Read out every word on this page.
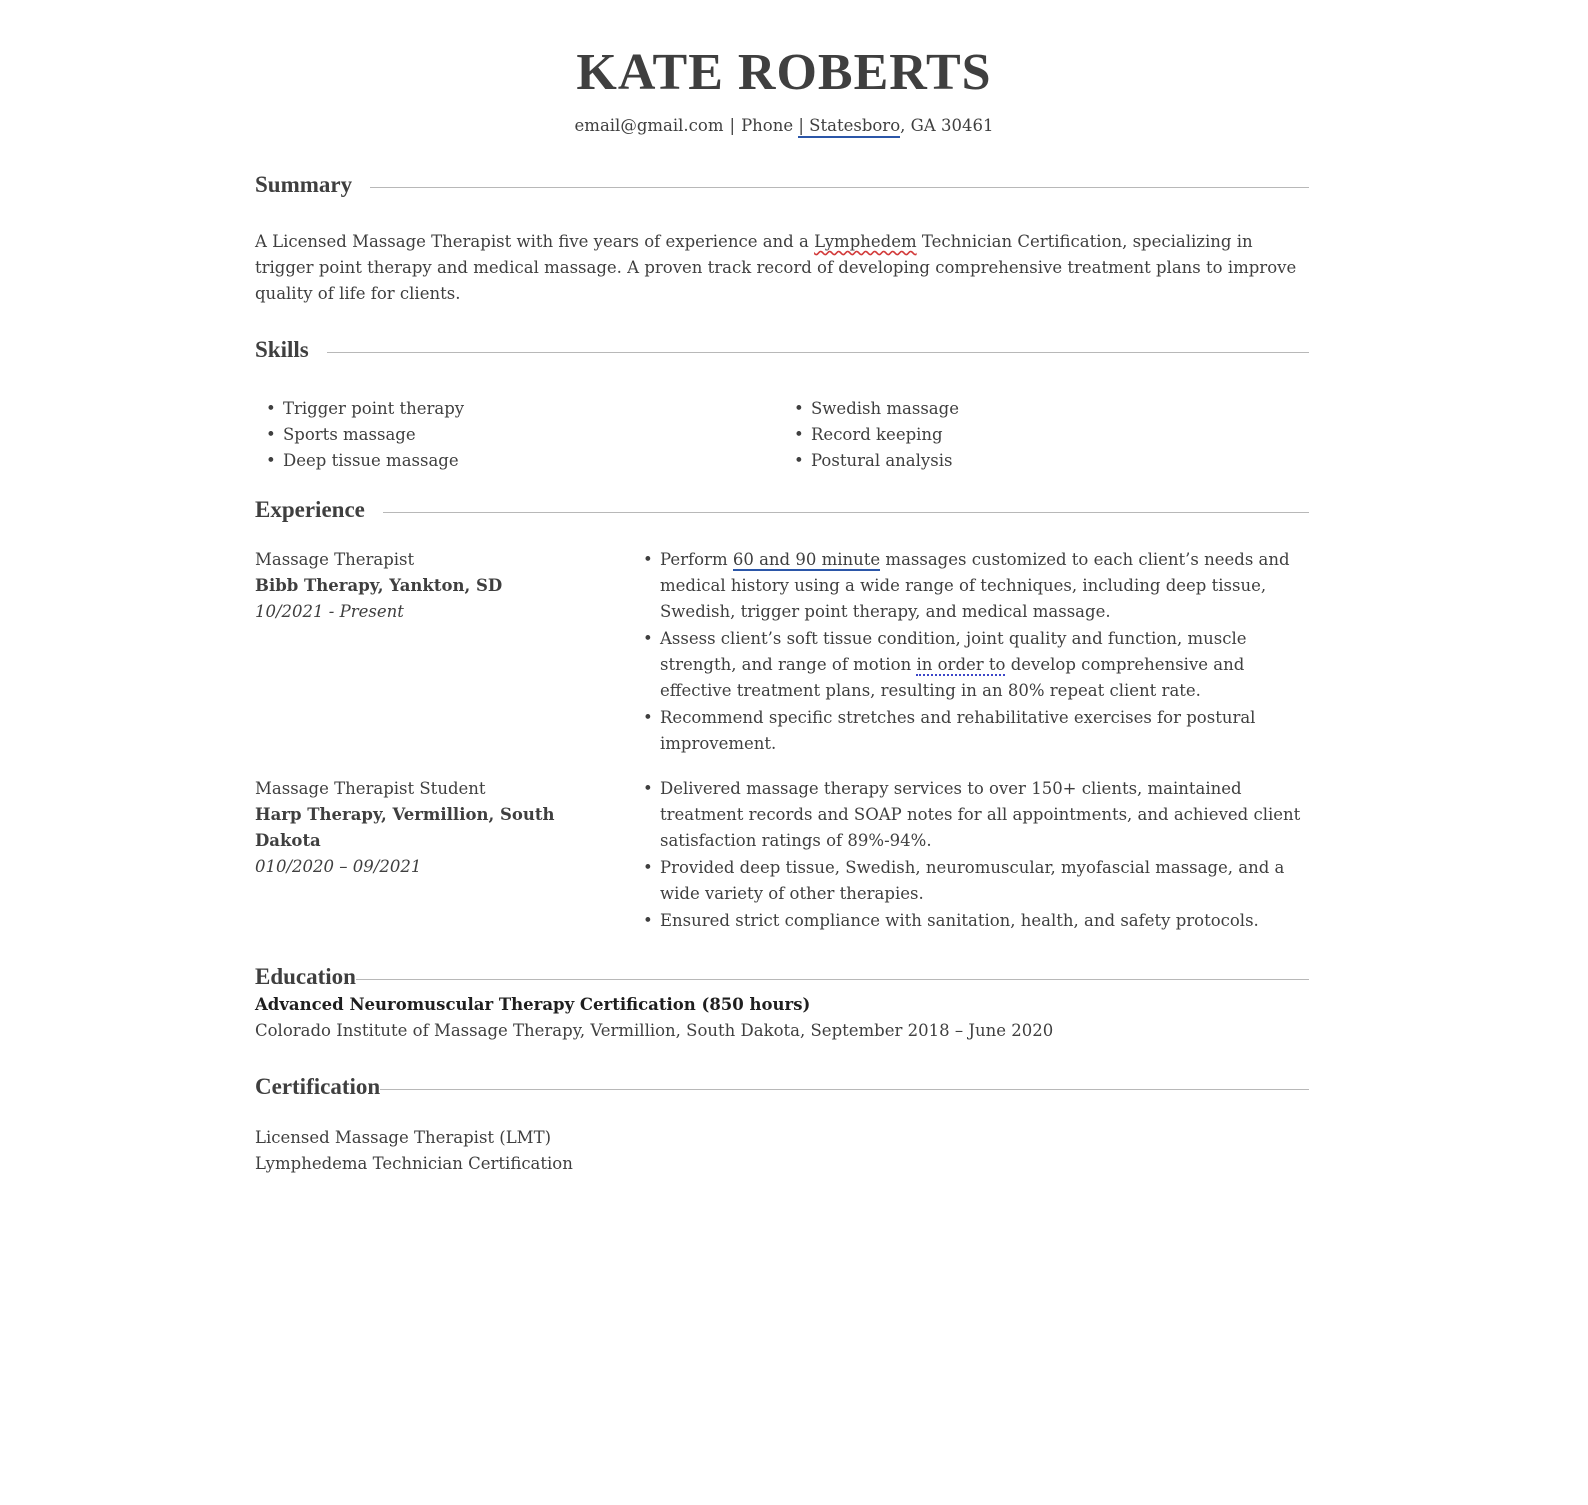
KATE ROBERTS
email@gmail.com | Phone | Statesboro, GA 30461
Summary
A Licensed Massage Therapist with five years of experience and a Lymphedem Technician Certification, specializing in trigger point therapy and medical massage. A proven track record of developing comprehensive treatment plans to improve quality of life for clients.
Skills
• Trigger point therapy
• Sports massage
• Deep tissue massage
• Swedish massage
• Record keeping
• Postural analysis
Experience
Massage Therapist
Bibb Therapy, Yankton, SD
10/2021 - Present
• Perform 60 and 90 minute massages customized to each client’s needs and medical history using a wide range of techniques, including deep tissue, Swedish, trigger point therapy, and medical massage.
• Assess client’s soft tissue condition, joint quality and function, muscle strength, and range of motion in order to develop comprehensive and effective treatment plans, resulting in an 80% repeat client rate.
• Recommend specific stretches and rehabilitative exercises for postural improvement.
Massage Therapist Student
Harp Therapy, Vermillion, South Dakota
010/2020 – 09/2021
• Delivered massage therapy services to over 150+ clients, maintained treatment records and SOAP notes for all appointments, and achieved client satisfaction ratings of 89%-94%.
• Provided deep tissue, Swedish, neuromuscular, myofascial massage, and a wide variety of other therapies.
• Ensured strict compliance with sanitation, health, and safety protocols.
Education
Advanced Neuromuscular Therapy Certification (850 hours)
Colorado Institute of Massage Therapy, Vermillion, South Dakota, September 2018 – June 2020
Certification
Licensed Massage Therapist (LMT)
Lymphedema Technician Certification
